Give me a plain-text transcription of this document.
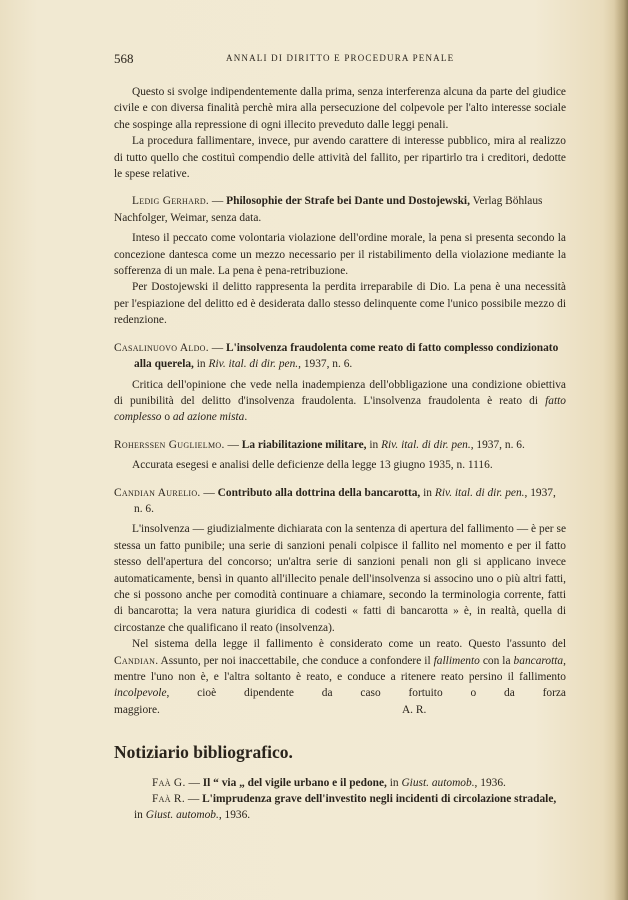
568	ANNALI DI DIRITTO E PROCEDURA PENALE

Questo si svolge indipendentemente dalla prima, senza interferenza alcuna da parte del giudice civile e con diversa finalità perchè mira alla persecuzione del colpevole per l'alto interesse sociale che sospinge alla repressione di ogni illecito preveduto dalle leggi penali.

La procedura fallimentare, invece, pur avendo carattere di interesse pubblico, mira al realizzo di tutto quello che costituì compendio delle attività del fallito, per ripartirlo tra i creditori, dedotte le spese relative.

Ledig Gerhard. — Philosophie der Strafe bei Dante und Dostojewski, Verlag Böhlaus Nachfolger, Weimar, senza data.

Inteso il peccato come volontaria violazione dell'ordine morale, la pena si presenta secondo la concezione dantesca come un mezzo necessario per il ristabilimento della violazione mediante la sofferenza di un male. La pena è pena-retribuzione.

Per Dostojewski il delitto rappresenta la perdita irreparabile di Dio. La pena è una necessità per l'espiazione del delitto ed è desiderata dallo stesso delinquente come l'unico possibile mezzo di redenzione.

Casalinuovo Aldo. — L'insolvenza fraudolenta come reato di fatto complesso condizionato alla querela, in Riv. ital. di dir. pen., 1937, n. 6.

Critica dell'opinione che vede nella inadempienza dell'obbligazione una condizione obiettiva di punibilità del delitto d'insolvenza fraudolenta. L'insolvenza fraudolenta è reato di fatto complesso o ad azione mista.

Roherssen Guglielmo. — La riabilitazione militare, in Riv. ital. di dir. pen., 1937, n. 6.

Accurata esegesi e analisi delle deficienze della legge 13 giugno 1935, n. 1116.

Candian Aurelio. — Contributo alla dottrina della bancarotta, in Riv. ital. di dir. pen., 1937, n. 6.

L'insolvenza — giudizialmente dichiarata con la sentenza di apertura del fallimento — è per se stessa un fatto punibile; una serie di sanzioni penali colpisce il fallito nel momento e per il fatto stesso dell'apertura del concorso; un'altra serie di sanzioni penali non gli si applicano invece automaticamente, bensì in quanto all'illecito penale dell'insolvenza si associno uno o più altri fatti, che si possono anche per comodità continuare a chiamare, secondo la terminologia corrente, fatti di bancarotta; la vera natura giuridica di codesti « fatti di bancarotta » è, in realtà, quella di circostanze che qualificano il reato (insolvenza).

Nel sistema della legge il fallimento è considerato come un reato. Questo l'assunto del Candian. Assunto, per noi inaccettabile, che conduce a confondere il fallimento con la bancarotta, mentre l'uno non è, e l'altra soltanto è reato, e conduce a ritenere reato persino il fallimento incolpevole, cioè dipendente da caso fortuito o da forza maggiore.	A. R.

Notiziario bibliografico.

Faà G. — Il “ via „ del vigile urbano e il pedone, in Giust. automob., 1936.

Faà R. — L'imprudenza grave dell'investito negli incidenti di circolazione stradale, in Giust. automob., 1936.
